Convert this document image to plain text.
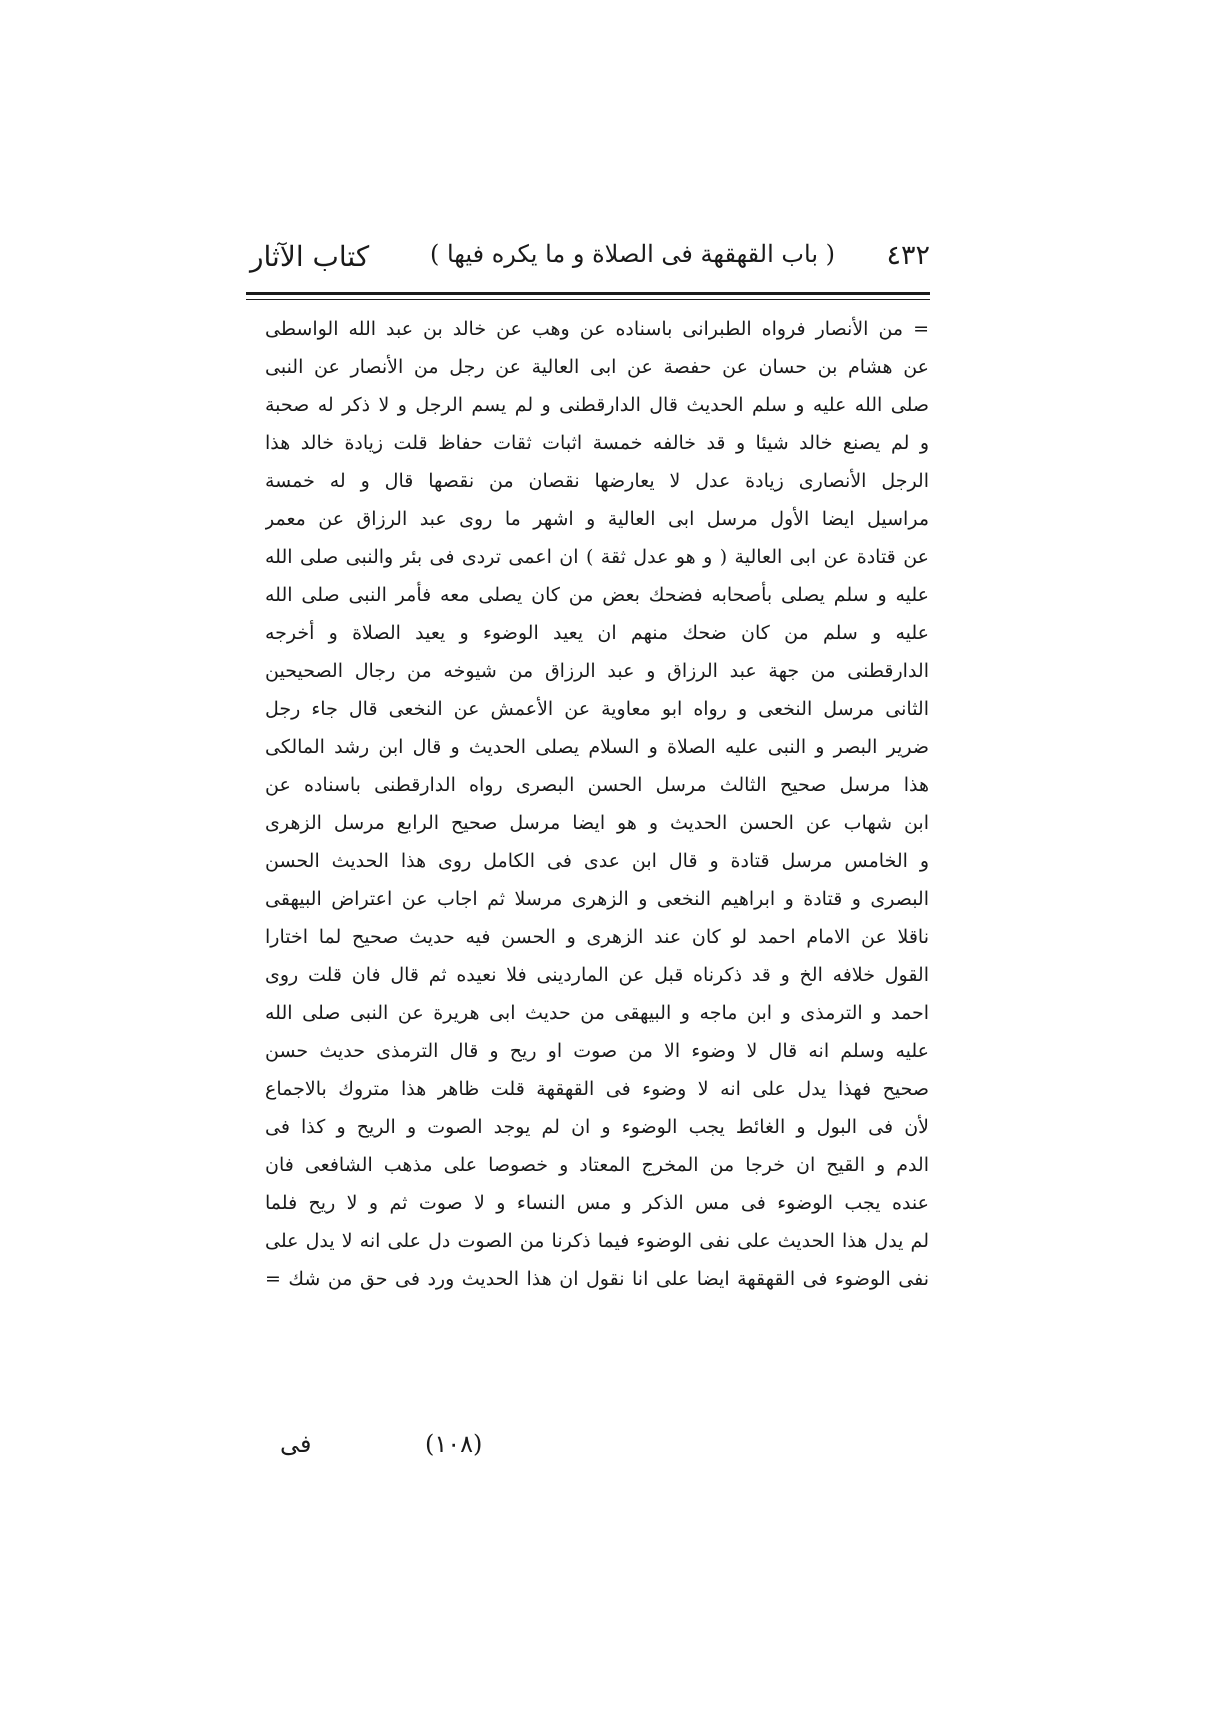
٤٣٢
( باب القهقهة فى الصلاة و ما يكره فيها )
كتاب الآثار
= من الأنصار فرواه الطبرانى باسناده عن وهب عن خالد بن عبد الله الواسطى
عن هشام بن حسان عن حفصة عن ابى العالية عن رجل من الأنصار عن النبى
صلى الله عليه و سلم الحديث قال الدارقطنى و لم يسم الرجل و لا ذكر له صحبة
و لم يصنع خالد شيئا و قد خالفه خمسة اثبات ثقات حفاظ قلت زيادة خالد هذا
الرجل الأنصارى زيادة عدل لا يعارضها نقصان من نقصها قال و له خمسة
مراسيل ايضا الأول مرسل ابى العالية و اشهر ما روى عبد الرزاق عن معمر
عن قتادة عن ابى العالية ( و هو عدل ثقة ) ان اعمى تردى فى بئر والنبى صلى الله
عليه و سلم يصلى بأصحابه فضحك بعض من كان يصلى معه فأمر النبى صلى الله
عليه و سلم من كان ضحك منهم ان يعيد الوضوء و يعيد الصلاة و أخرجه
الدارقطنى من جهة عبد الرزاق و عبد الرزاق من شيوخه من رجال الصحيحين
الثانى مرسل النخعى و رواه ابو معاوية عن الأعمش عن النخعى قال جاء رجل
ضرير البصر و النبى عليه الصلاة و السلام يصلى الحديث و قال ابن رشد المالكى
هذا مرسل صحيح الثالث مرسل الحسن البصرى رواه الدارقطنى باسناده عن
ابن شهاب عن الحسن الحديث و هو ايضا مرسل صحيح الرابع مرسل الزهرى
و الخامس مرسل قتادة و قال ابن عدى فى الكامل روى هذا الحديث الحسن
البصرى و قتادة و ابراهيم النخعى و الزهرى مرسلا ثم اجاب عن اعتراض البيهقى
ناقلا عن الامام احمد لو كان عند الزهرى و الحسن فيه حديث صحيح لما اختارا
القول خلافه الخ و قد ذكرناه قبل عن الماردينى فلا نعيده ثم قال فان قلت روى
احمد و الترمذى و ابن ماجه و البيهقى من حديث ابى هريرة عن النبى صلى الله
عليه وسلم انه قال لا وضوء الا من صوت او ريح و قال الترمذى حديث حسن
صحيح فهذا يدل على انه لا وضوء فى القهقهة قلت ظاهر هذا متروك بالاجماع
لأن فى البول و الغائط يجب الوضوء و ان لم يوجد الصوت و الريح و كذا فى
الدم و القيح ان خرجا من المخرج المعتاد و خصوصا على مذهب الشافعى فان
عنده يجب الوضوء فى مس الذكر و مس النساء و لا صوت ثم و لا ريح فلما
لم يدل هذا الحديث على نفى الوضوء فيما ذكرنا من الصوت دل على انه لا يدل على
نفى الوضوء فى القهقهة ايضا على انا نقول ان هذا الحديث ورد فى حق من شك =
(١٠٨)
فى
